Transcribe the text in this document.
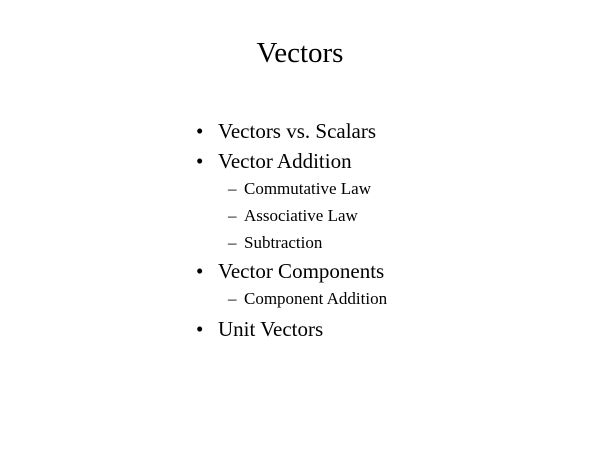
Vectors
• Vectors vs. Scalars
• Vector Addition
– Commutative Law
– Associative Law
– Subtraction
• Vector Components
– Component Addition
• Unit Vectors
